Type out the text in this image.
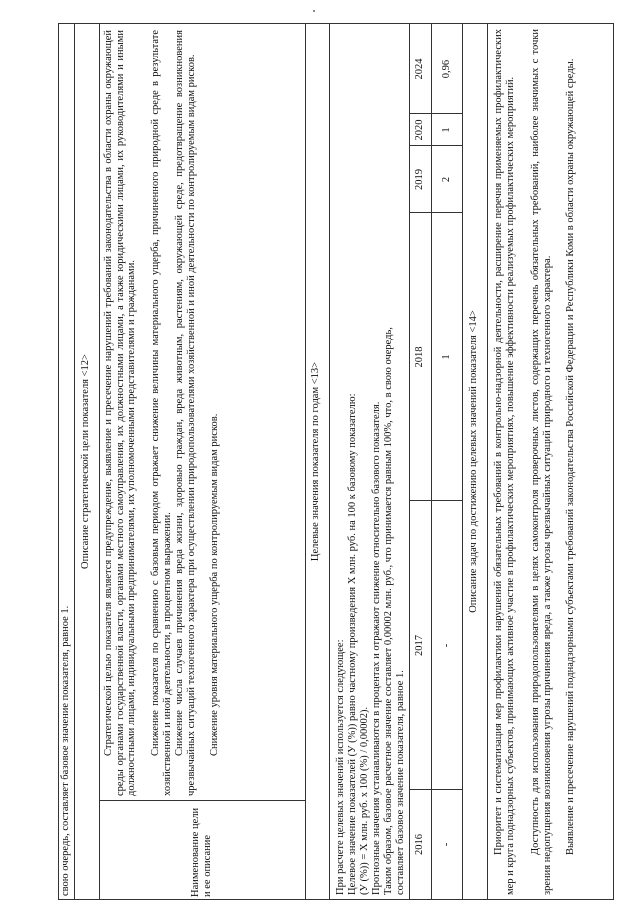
свою очередь, составляет базовое значение показателя, равное 1.
Описание стратегической цели показателя <12>
Наименование цели и ее описание
Стратегической целью показателя является предупреждение, выявление и пресечение нарушений требований законодательства в области охраны окружающей среды органами государственной власти, органами местного самоуправления, их должностными лицами, а также юридическими лицами, их руководителями и иными должностными лицами, индивидуальными предпринимателями, их уполномоченными представителями и гражданами. Снижение показателя по сравнению с базовым периодом отражает снижение величины материального ущерба, причиненного природной среде в результате хозяйственной и иной деятельности, в процентном выражении. Снижение числа случаев причинения вреда жизни, здоровью граждан, вреда животным, растениям, окружающей среде, предотвращение возникновения чрезвычайных ситуаций техногенного характера при осуществлении природопользователями хозяйственной и иной деятельности по контролируемым видам рисков. Снижение уровня материального ущерба по контролируемым видам рисков.	Целевые значения показателя по годам <13>
При расчете целевых значений используется следующее: Целевое значение показателей (У (%)) равно частному произведения X млн. руб. на 100 к базовому показателю: (У (%)) = X млн. руб. x 100 (%) / 0,00002). Прогнозные значения устанавливаются в процентах и отражают снижение относительно базового показателя. Таким образом, базовое расчетное значение составляет 0,00002 млн. руб., что принимается равным 100%, что, в свою очередь, составляет базовое значение показателя, равное 1. 2016
2017
2018
2019
2020
2024
-
-
1
2
1
0,96
Описание задач по достижению целевых значений показателя <14> Приоритет и систематизация мер профилактики нарушений обязательных требований в контрольно-надзорной деятельности, расширение перечня применяемых профилактических мер и круга поднадзорных субъектов, принимающих активное участие в профилактических мероприятиях, повышение эффективности реализуемых профилактических мероприятий. Доступность для использования природопользователями в целях самоконтроля проверочных листов, содержащих перечень обязательных требований, наиболее значимых с точки зрения недопущения возникновения угрозы причинения вреда, а также угрозы чрезвычайных ситуаций природного и техногенного характера. Выявление и пресечение нарушений поднадзорными субъектами требований законодательства Российской Федерации и Республики Коми в области охраны окружающей среды.
